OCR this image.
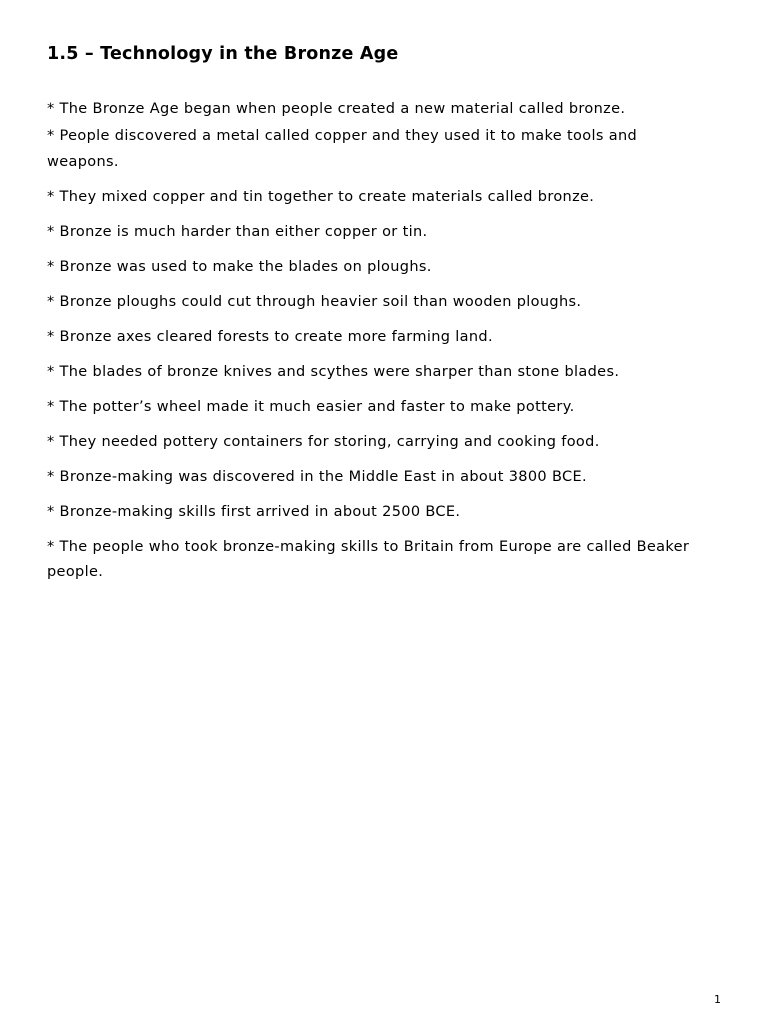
1.5 – Technology in the Bronze Age
* The Bronze Age began when people created a new material called bronze.
* People discovered a metal called copper and they used it to make tools and weapons.
* They mixed copper and tin together to create materials called bronze.
* Bronze is much harder than either copper or tin.
* Bronze was used to make the blades on ploughs.
* Bronze ploughs could cut through heavier soil than wooden ploughs.
* Bronze axes cleared forests to create more farming land.
* The blades of bronze knives and scythes were sharper than stone blades.
* The potter’s wheel made it much easier and faster to make pottery.
* They needed pottery containers for storing, carrying and cooking food.
* Bronze-making was discovered in the Middle East in about 3800 BCE.
* Bronze-making skills first arrived in about 2500 BCE.
* The people who took bronze-making skills to Britain from Europe are called Beaker people.
1
